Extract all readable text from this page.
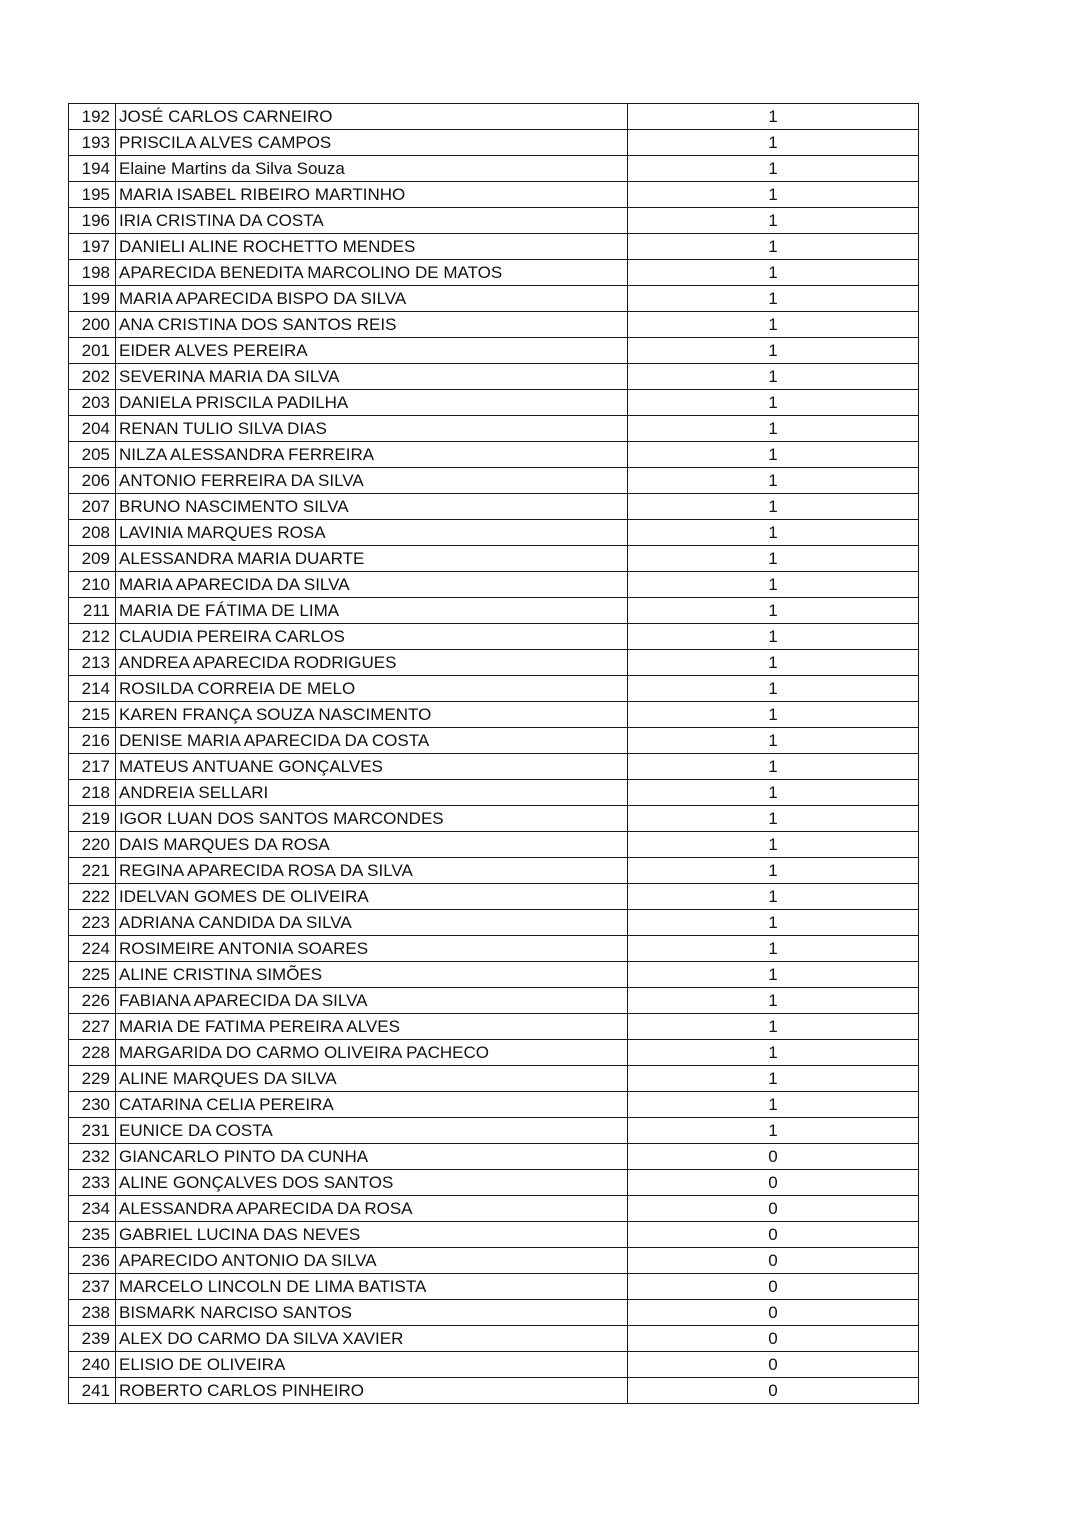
192	JOSÉ CARLOS CARNEIRO	1
193	PRISCILA ALVES CAMPOS	1
194	Elaine Martins da Silva Souza	1
195	MARIA ISABEL RIBEIRO MARTINHO	1
196	IRIA CRISTINA DA COSTA	1
197	DANIELI ALINE ROCHETTO MENDES	1
198	APARECIDA BENEDITA MARCOLINO DE MATOS	1
199	MARIA APARECIDA BISPO DA SILVA	1
200	ANA CRISTINA DOS SANTOS REIS	1
201	EIDER ALVES PEREIRA	1
202	SEVERINA MARIA DA SILVA	1
203	DANIELA PRISCILA PADILHA	1
204	RENAN TULIO SILVA DIAS	1
205	NILZA ALESSANDRA FERREIRA	1
206	ANTONIO FERREIRA DA SILVA	1
207	BRUNO NASCIMENTO SILVA	1
208	LAVINIA MARQUES ROSA	1
209	ALESSANDRA MARIA DUARTE	1
210	MARIA APARECIDA DA SILVA	1
211	MARIA DE FÁTIMA DE LIMA	1
212	CLAUDIA PEREIRA CARLOS	1
213	ANDREA APARECIDA RODRIGUES	1
214	ROSILDA CORREIA DE MELO	1
215	KAREN FRANÇA SOUZA NASCIMENTO	1
216	DENISE MARIA APARECIDA DA COSTA	1
217	MATEUS ANTUANE GONÇALVES	1
218	ANDREIA SELLARI	1
219	IGOR LUAN DOS SANTOS MARCONDES	1
220	DAIS MARQUES DA ROSA	1
221	REGINA APARECIDA ROSA DA SILVA	1
222	IDELVAN GOMES DE OLIVEIRA	1
223	ADRIANA CANDIDA DA SILVA	1
224	ROSIMEIRE ANTONIA SOARES	1
225	ALINE CRISTINA SIMÕES	1
226	FABIANA APARECIDA DA SILVA	1
227	MARIA DE FATIMA PEREIRA ALVES	1
228	MARGARIDA DO CARMO OLIVEIRA PACHECO	1
229	ALINE MARQUES DA SILVA	1
230	CATARINA CELIA PEREIRA	1
231	EUNICE DA COSTA	1
232	GIANCARLO PINTO DA CUNHA	0
233	ALINE GONÇALVES DOS SANTOS	0
234	ALESSANDRA APARECIDA DA ROSA	0
235	GABRIEL LUCINA DAS NEVES	0
236	APARECIDO ANTONIO DA SILVA	0
237	MARCELO LINCOLN DE LIMA BATISTA	0
238	BISMARK NARCISO SANTOS	0
239	ALEX DO CARMO DA SILVA XAVIER	0
240	ELISIO DE OLIVEIRA	0
241	ROBERTO CARLOS PINHEIRO	0
